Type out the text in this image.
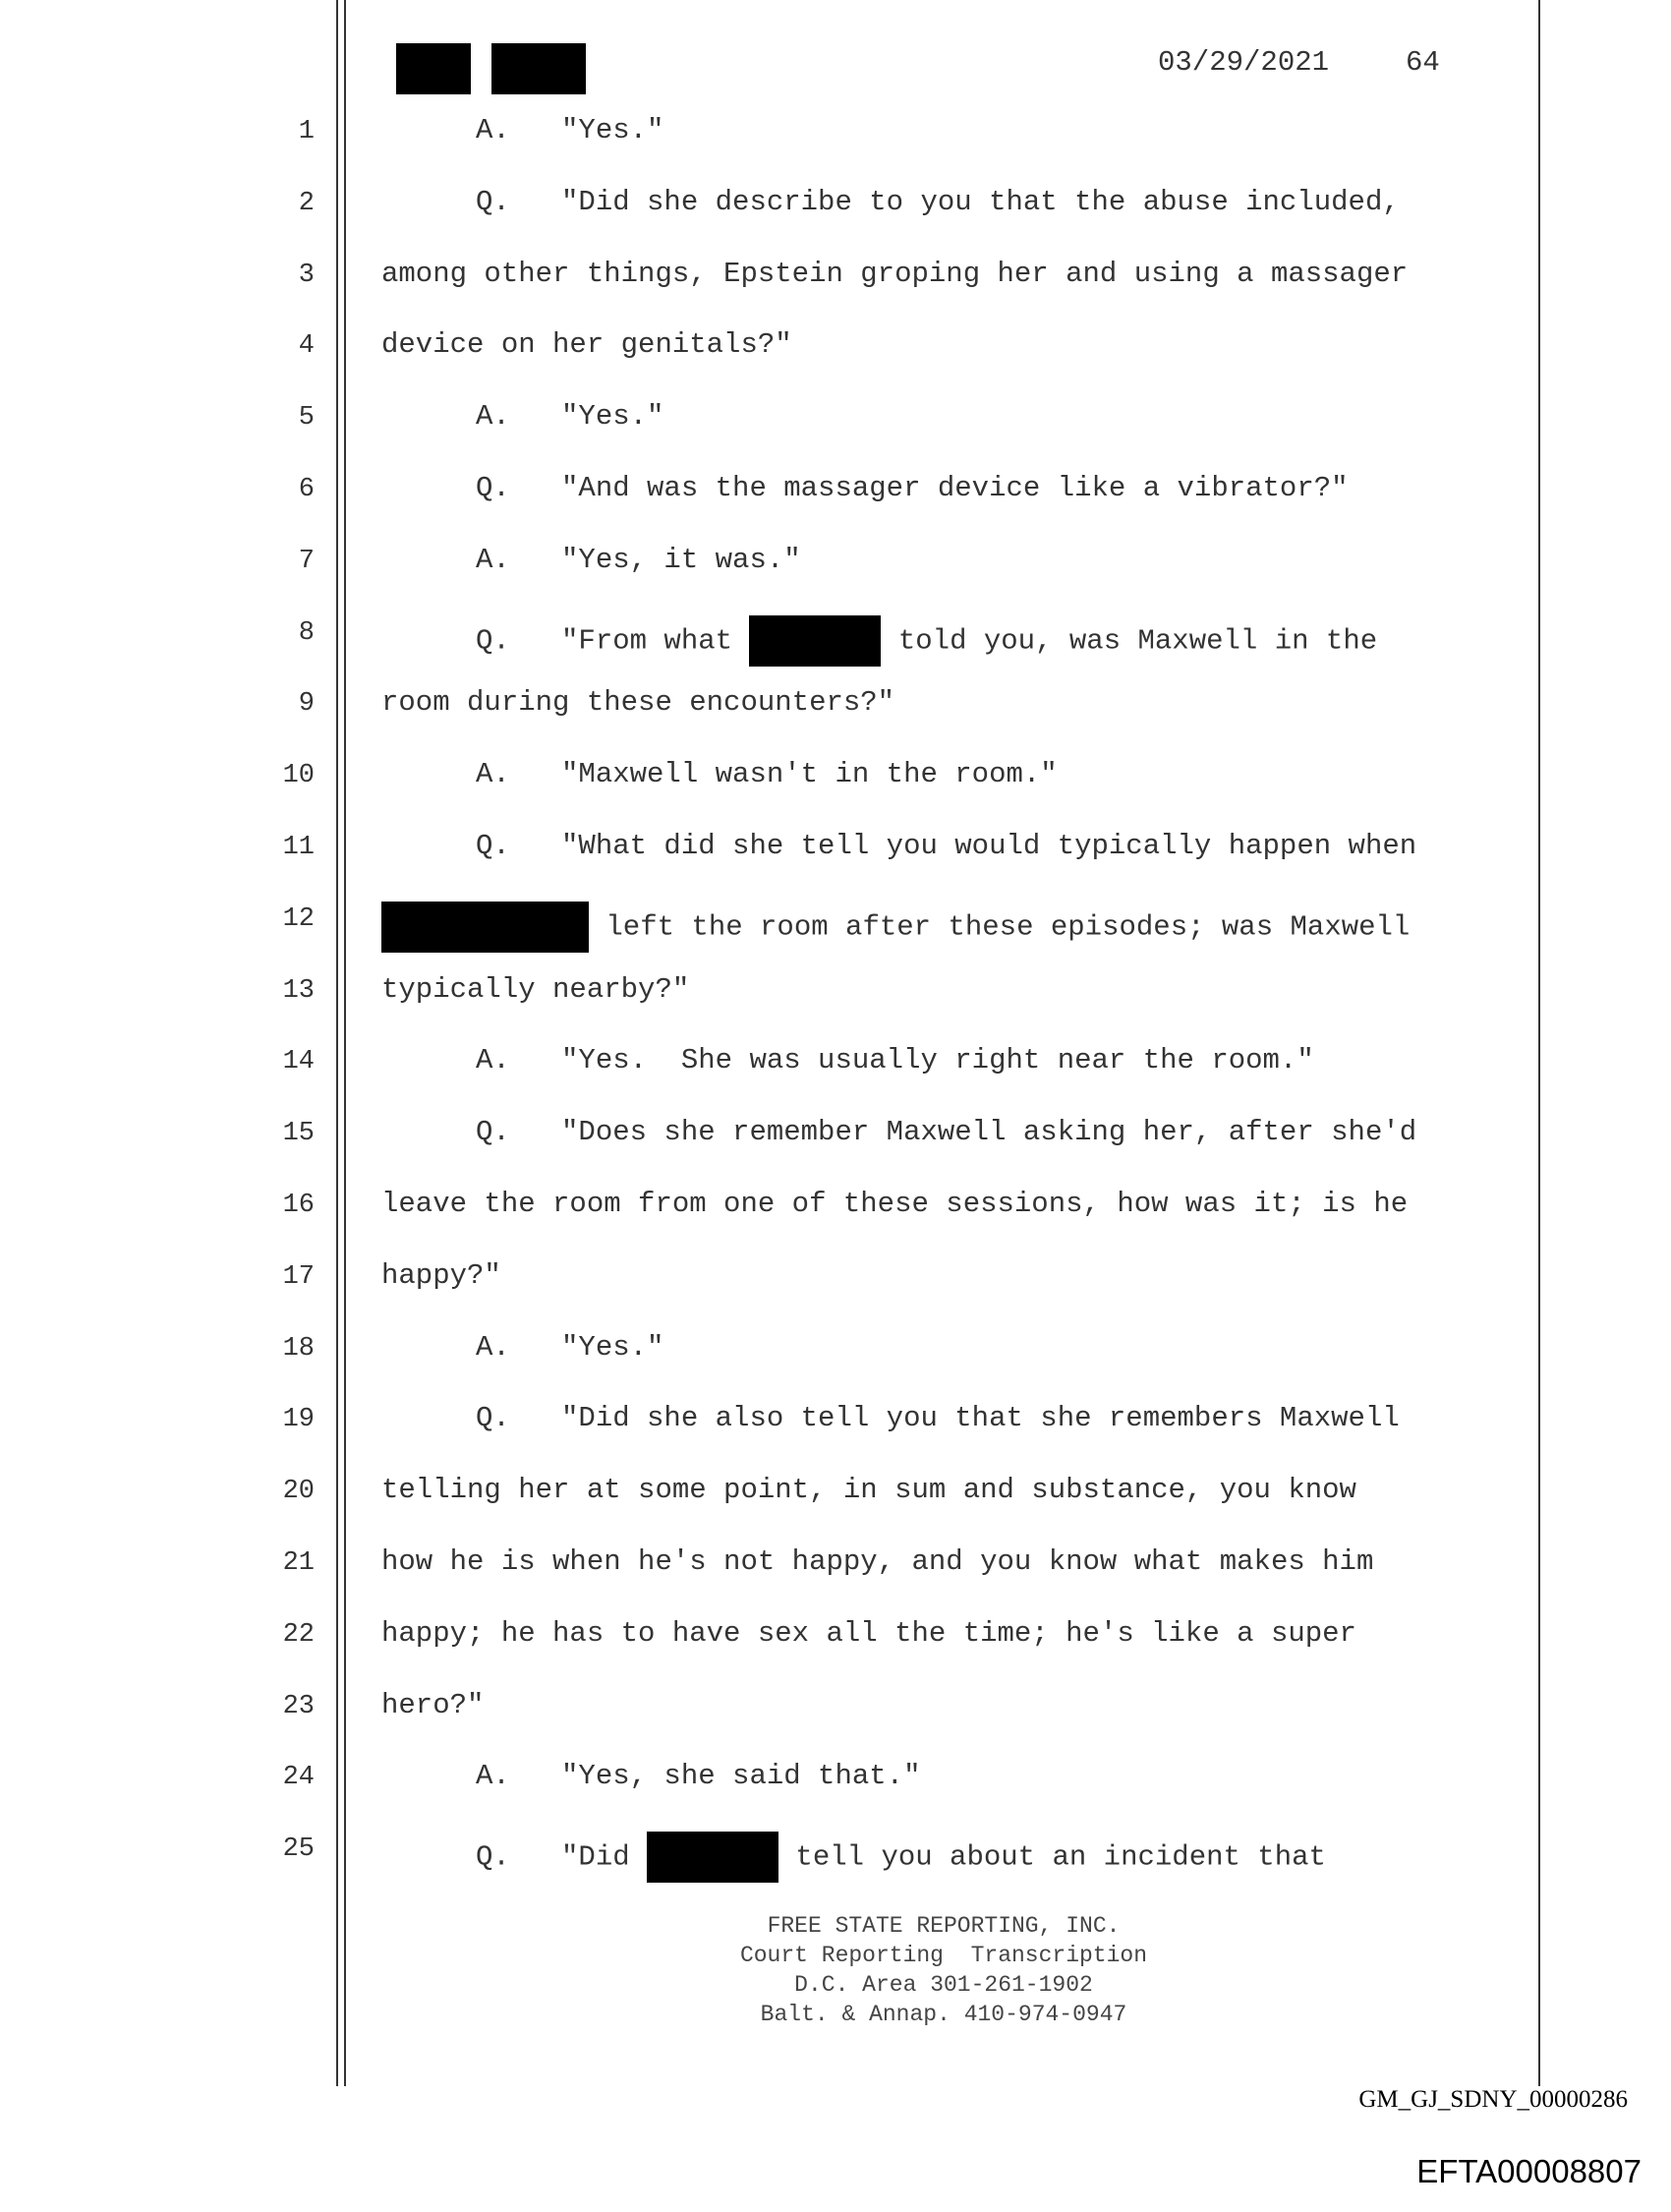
03/29/2021	64
1	A.   "Yes."
2	Q.   "Did she describe to you that the abuse included,
3 among other things, Epstein groping her and using a massager
4 device on her genitals?"
5	A.   "Yes."
6	Q.   "And was the massager device like a vibrator?"
7	A.   "Yes, it was."
8	Q.   "From what	told you, was Maxwell in the
9 room during these encounters?"
10	A.   "Maxwell wasn't in the room."
11	Q.   "What did she tell you would typically happen when
12	left the room after these episodes; was Maxwell
13 typically nearby?"
14	A.   "Yes.  She was usually right near the room."
15	Q.   "Does she remember Maxwell asking her, after she'd
16 leave the room from one of these sessions, how was it; is he
17 happy?"
18	A.   "Yes."
19	Q.   "Did she also tell you that she remembers Maxwell
20 telling her at some point, in sum and substance, you know
21 how he is when he's not happy, and you know what makes him
22 happy; he has to have sex all the time; he's like a super
23 hero?"
24	A.   "Yes, she said that."
25	Q.   "Did	tell you about an incident that
FREE STATE REPORTING, INC.
Court Reporting  Transcription
D.C. Area 301-261-1902
Balt. & Annap. 410-974-0947
GM_GJ_SDNY_00000286
EFTA00008807
